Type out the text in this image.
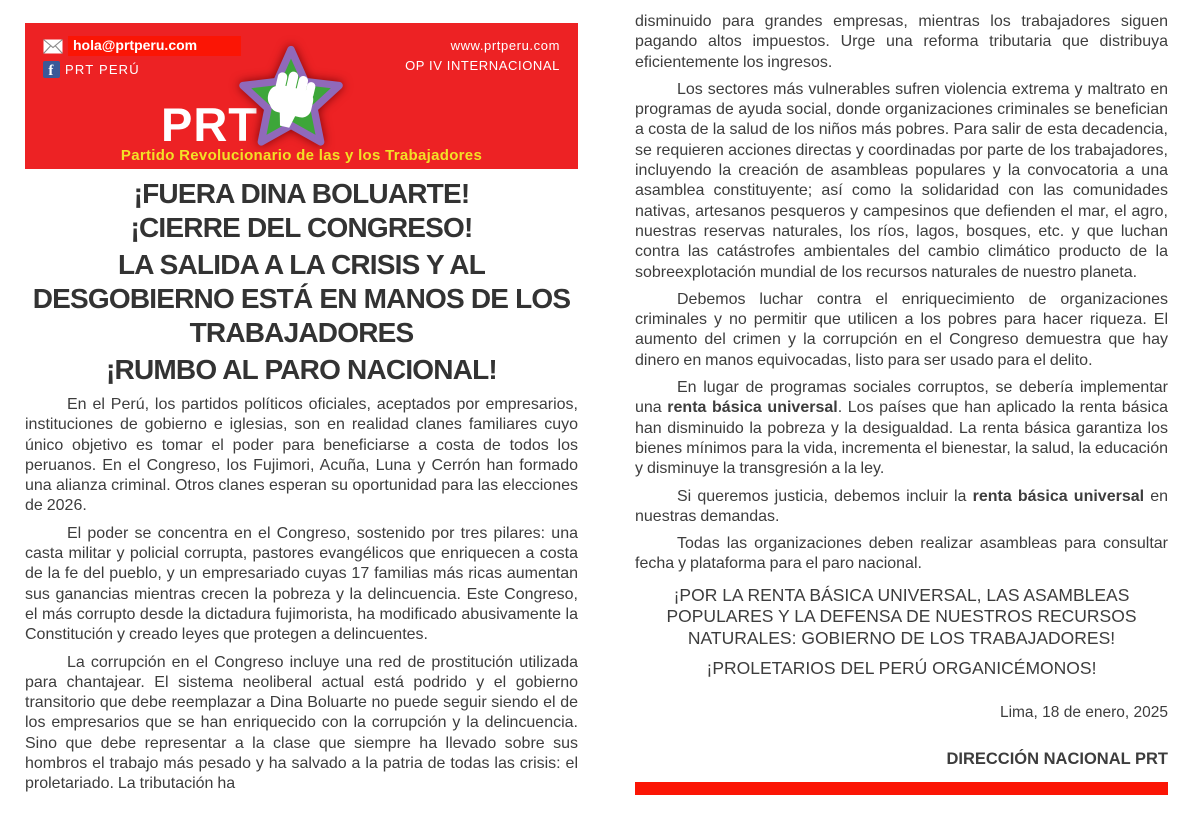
hola@prtperu.com
f PRT PERÚ
www.prtperu.com
OP IV INTERNACIONAL
PRT
Partido Revolucionario de las y los Trabajadores
¡FUERA DINA BOLUARTE!
¡CIERRE DEL CONGRESO!
LA SALIDA A LA CRISIS Y AL
DESGOBIERNO ESTÁ EN MANOS DE LOS
TRABAJADORES
¡RUMBO AL PARO NACIONAL!

En el Perú, los partidos políticos oficiales, aceptados por empresarios, instituciones de gobierno e iglesias, son en realidad clanes familiares cuyo único objetivo es tomar el poder para beneficiarse a costa de todos los peruanos. En el Congreso, los Fujimori, Acuña, Luna y Cerrón han formado una alianza criminal. Otros clanes esperan su oportunidad para las elecciones de 2026.

El poder se concentra en el Congreso, sostenido por tres pilares: una casta militar y policial corrupta, pastores evangélicos que enriquecen a costa de la fe del pueblo, y un empresariado cuyas 17 familias más ricas aumentan sus ganancias mientras crecen la pobreza y la delincuencia. Este Congreso, el más corrupto desde la dictadura fujimorista, ha modificado abusivamente la Constitución y creado leyes que protegen a delincuentes.

La corrupción en el Congreso incluye una red de prostitución utilizada para chantajear. El sistema neoliberal actual está podrido y el gobierno transitorio que debe reemplazar a Dina Boluarte no puede seguir siendo el de los empresarios que se han enriquecido con la corrupción y la delincuencia. Sino que debe representar a la clase que siempre ha llevado sobre sus hombros el trabajo más pesado y ha salvado a la patria de todas las crisis: el proletariado. La tributación ha

disminuido para grandes empresas, mientras los trabajadores siguen pagando altos impuestos. Urge una reforma tributaria que distribuya eficientemente los ingresos.

Los sectores más vulnerables sufren violencia extrema y maltrato en programas de ayuda social, donde organizaciones criminales se benefician a costa de la salud de los niños más pobres. Para salir de esta decadencia, se requieren acciones directas y coordinadas por parte de los trabajadores, incluyendo la creación de asambleas populares y la convocatoria a una asamblea constituyente; así como la solidaridad con las comunidades nativas, artesanos pesqueros y campesinos que defienden el mar, el agro, nuestras reservas naturales, los ríos, lagos, bosques, etc. y que luchan contra las catástrofes ambientales del cambio climático producto de la sobreexplotación mundial de los recursos naturales de nuestro planeta.

Debemos luchar contra el enriquecimiento de organizaciones criminales y no permitir que utilicen a los pobres para hacer riqueza. El aumento del crimen y la corrupción en el Congreso demuestra que hay dinero en manos equivocadas, listo para ser usado para el delito.

En lugar de programas sociales corruptos, se debería implementar una renta básica universal. Los países que han aplicado la renta básica han disminuido la pobreza y la desigualdad. La renta básica garantiza los bienes mínimos para la vida, incrementa el bienestar, la salud, la educación y disminuye la transgresión a la ley.

Si queremos justicia, debemos incluir la renta básica universal en nuestras demandas.

Todas las organizaciones deben realizar asambleas para consultar fecha y plataforma para el paro nacional.

¡POR LA RENTA BÁSICA UNIVERSAL, LAS ASAMBLEAS POPULARES Y LA DEFENSA DE NUESTROS RECURSOS NATURALES: GOBIERNO DE LOS TRABAJADORES!
¡PROLETARIOS DEL PERÚ ORGANICÉMONOS!
Lima, 18 de enero, 2025
DIRECCIÓN NACIONAL PRT
